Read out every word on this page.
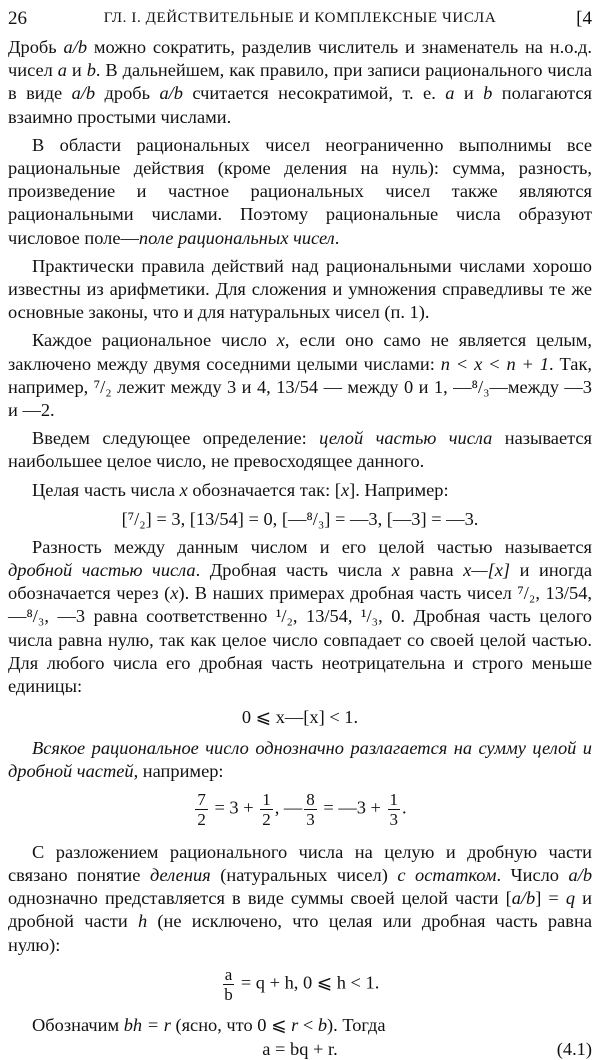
26	ГЛ. I. ДЕЙСТВИТЕЛЬНЫЕ И КОМПЛЕКСНЫЕ ЧИСЛА	[4

Дробь a/b можно сократить, разделив числитель и знаменатель на н.о.д. чисел a и b. В дальнейшем, как правило, при записи рационального числа в виде a/b дробь a/b считается несократимой, т. е. a и b полагаются взаимно простыми числами.

В области рациональных чисел неограниченно выполнимы все рациональные действия (кроме деления на нуль): сумма, разность, произведение и частное рациональных чисел также являются рациональными числами. Поэтому рациональные числа образуют числовое поле—поле рациональных чисел.

Практически правила действий над рациональными числами хорошо известны из арифметики. Для сложения и умножения справедливы те же основные законы, что и для натуральных чисел (п. 1).

Каждое рациональное число x, если оно само не является целым, заключено между двумя соседними целыми числами: n < x < n + 1. Так, например, ⁷/₂ лежит между 3 и 4, 13/54 — между 0 и 1, —⁸/₃—между —3 и —2.

Введем следующее определение: целой частью числа называется наибольшее целое число, не превосходящее данного.

Целая часть числа x обозначается так: [x]. Например:

[⁷/₂] = 3, [13/54] = 0, [—⁸/₃] = —3, [—3] = —3.

Разность между данным числом и его целой частью называется дробной частью числа. Дробная часть числа x равна x—[x] и иногда обозначается через (x). В наших примерах дробная часть чисел ⁷/₂, 13/54, —⁸/₃, —3 равна соответственно ¹/₂, 13/54, ¹/₃, 0. Дробная часть целого числа равна нулю, так как целое число совпадает со своей целой частью. Для любого числа его дробная часть неотрицательна и строго меньше единицы:

0 ⩽ x—[x] < 1.

Всякое рациональное число однозначно разлагается на сумму целой и дробной частей, например:

$\frac{7}{2} = 3 + \frac{1}{2}$ , — $\frac{8}{3}$ = —3 + $\frac{1}{3}$ .

С разложением рационального числа на целую и дробную части связано понятие деления (натуральных чисел) с остатком. Число a/b однозначно представляется в виде суммы своей целой части [a/b] = q и дробной части h (не исключено, что целая или дробная часть равна нулю):

$\frac{a}{b} = q + h$, 0 ⩽ h < 1.

Обозначим bh = r (ясно, что 0 ⩽ r < b). Тогда

a = bq + r.	(4.1)
